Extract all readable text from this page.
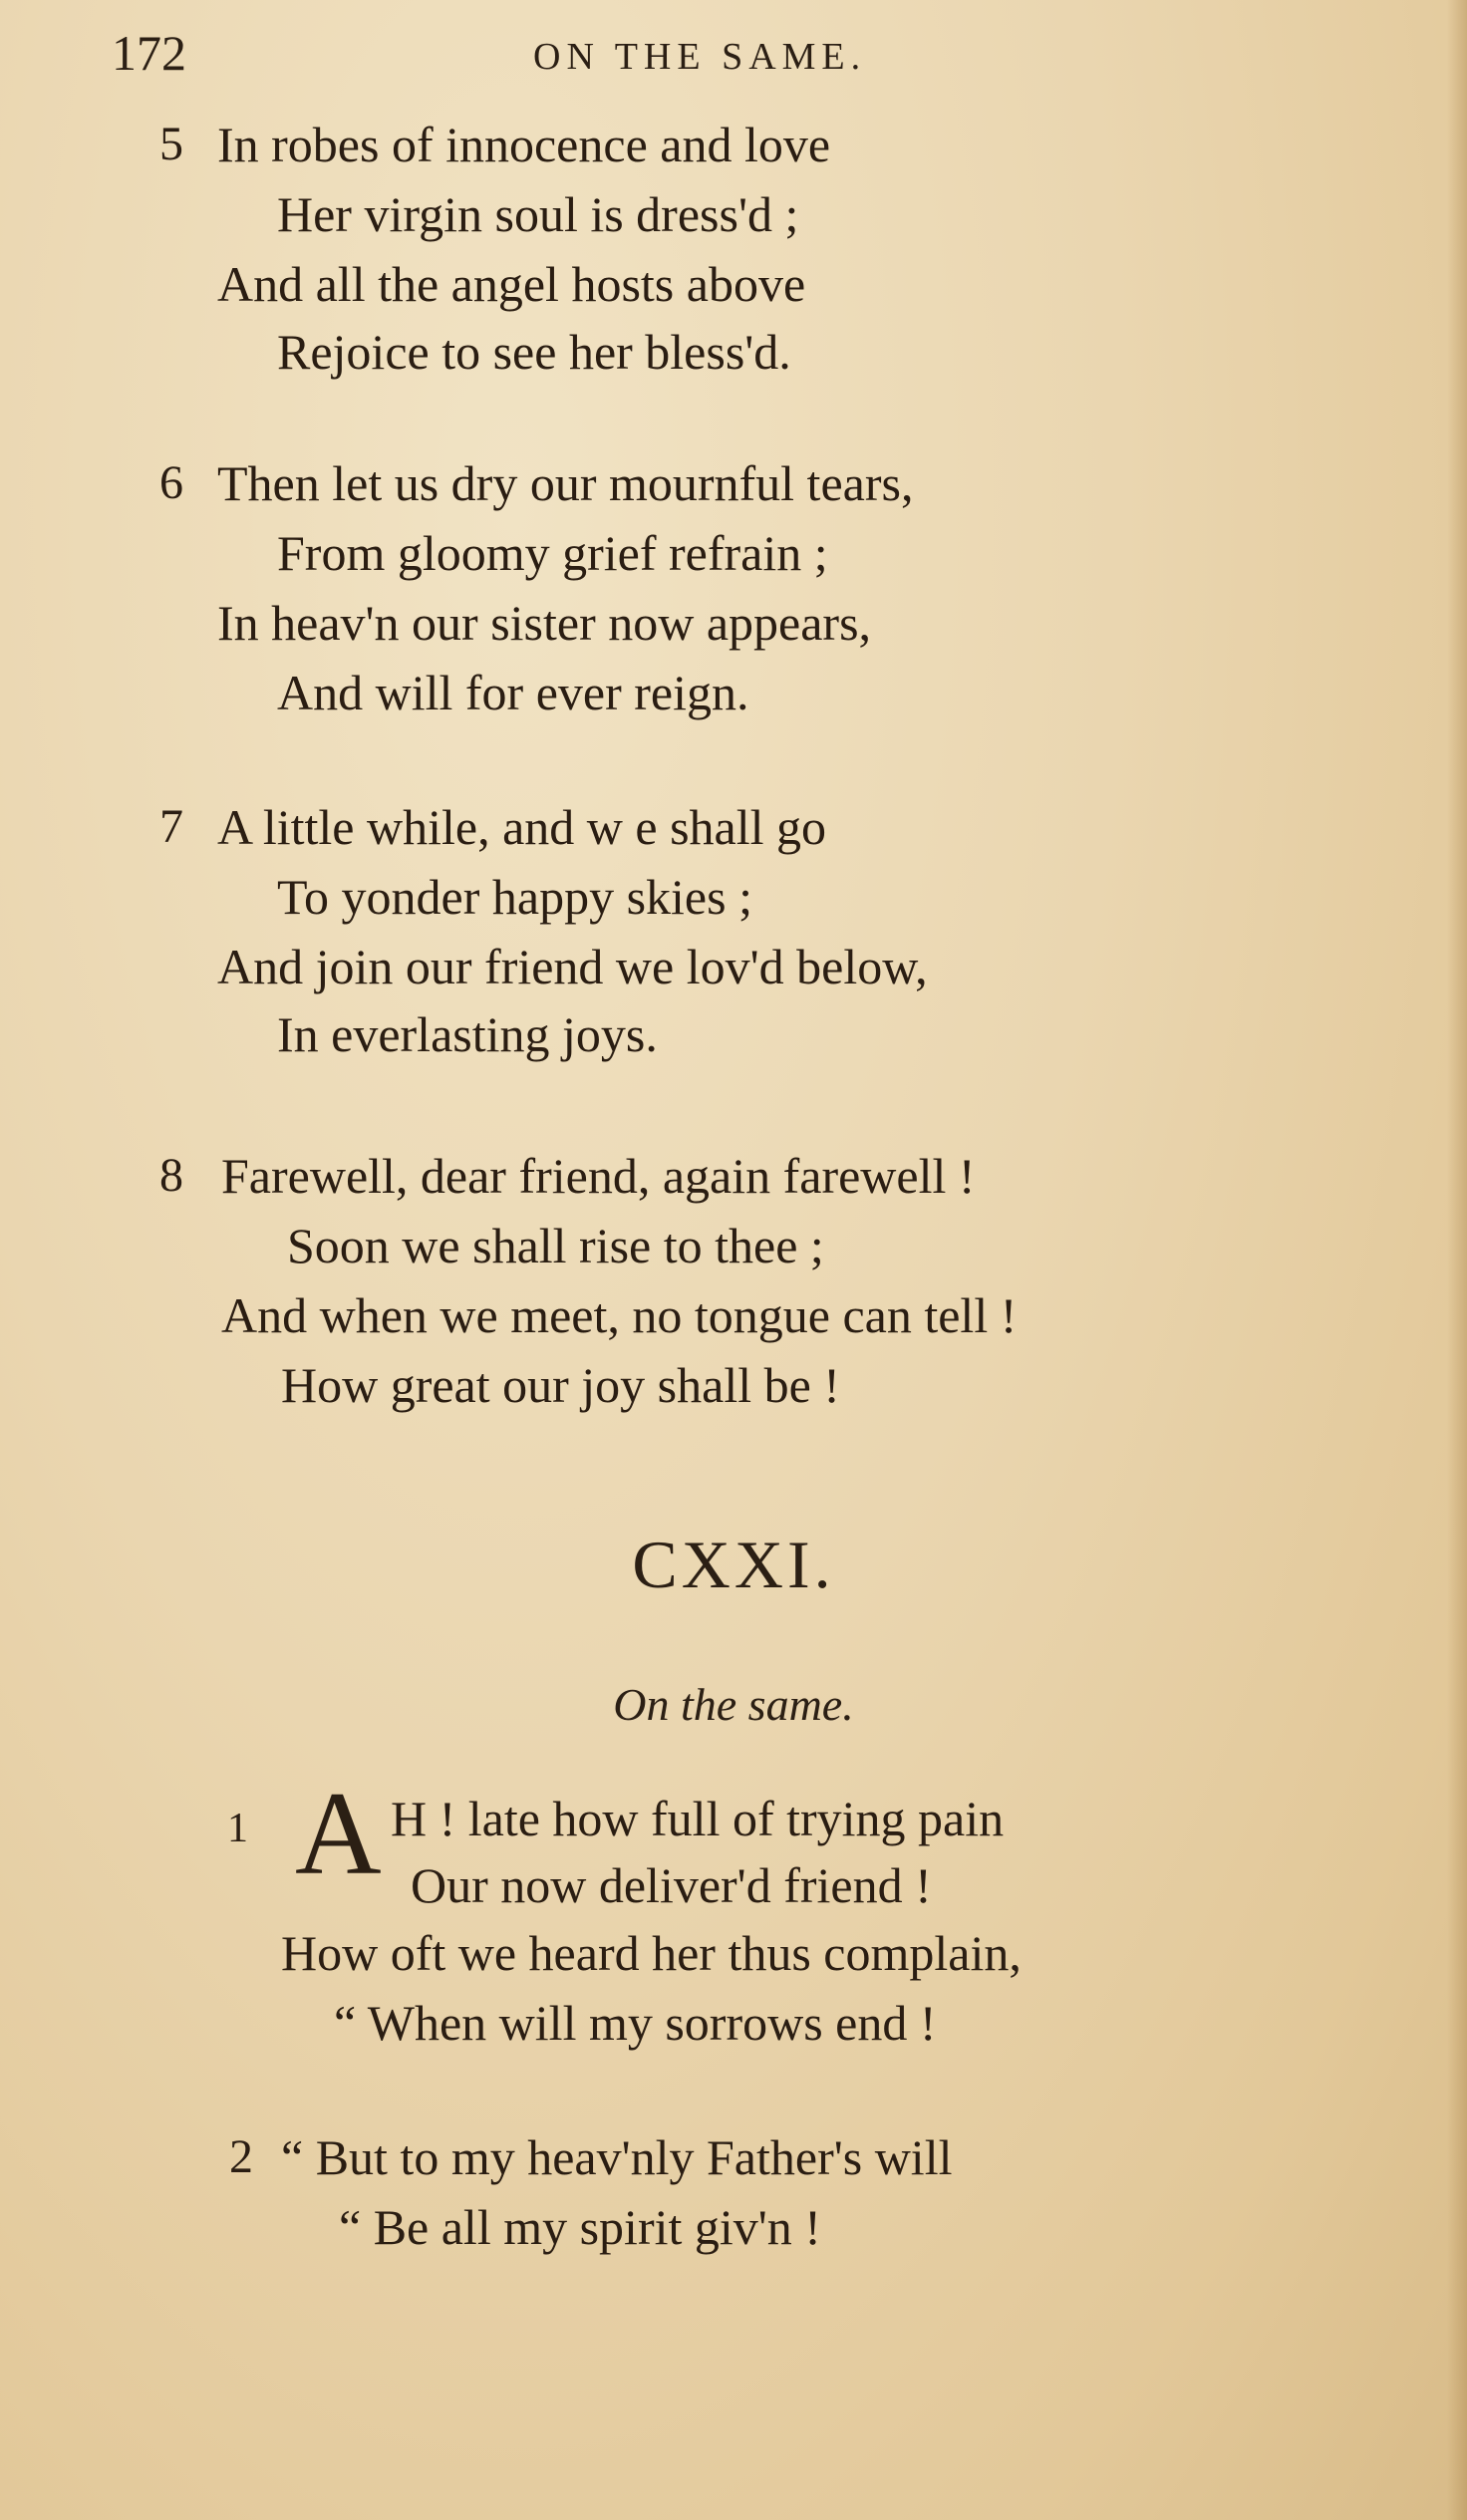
172	ON THE SAME.
5 In robes of innocence and love
Her virgin soul is dress'd ;
And all the angel hosts above
Rejoice to see her bless'd.
6 Then let us dry our mournful tears,
From gloomy grief refrain ;
In heav'n our sister now appears,
And will for ever reign.
7 A little while, and w e shall go
To yonder happy skies ;
And join our friend we lov'd below,
In everlasting joys.
8 Farewell, dear friend, again farewell !
Soon we shall rise to thee ;
And when we meet, no tongue can tell !
How great our joy shall be !
CXXI.
On the same.
1 A H ! late how full of trying pain
Our now deliver'd friend !
How oft we heard her thus complain,
“ When will my sorrows end !
2 “ But to my heav'nly Father's will
“ Be all my spirit giv'n !
